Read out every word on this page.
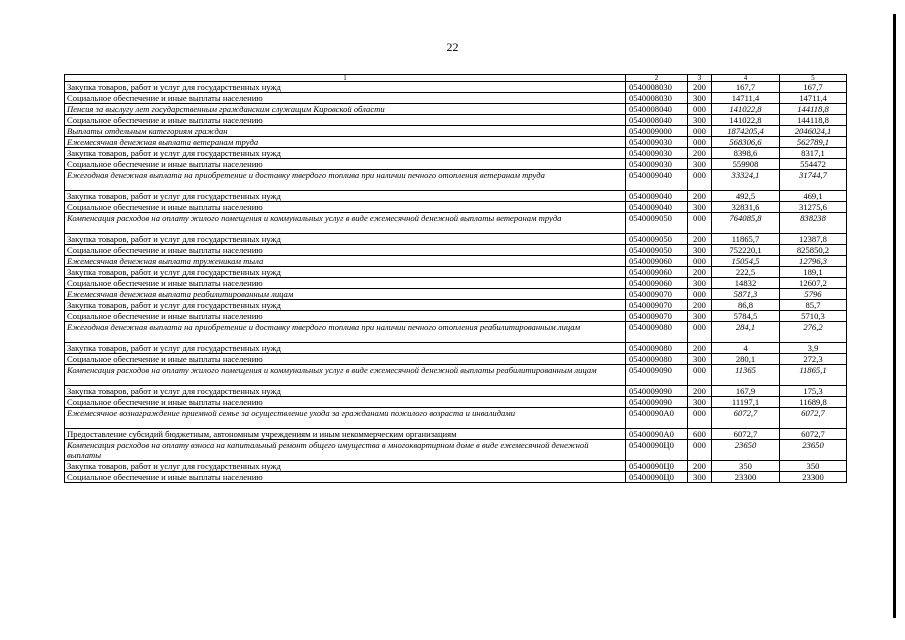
22
1	2	3	4	5
Закупка товаров, работ и услуг для государственных нужд	0540008030	200	167,7	167,7
Социальное обеспечение и иные выплаты населению	0540008030	300	14711,4	14711,4
Пенсия за выслугу лет государственным гражданским служащим Кировской области	0540008040	000	141022,8	144118,8
Социальное обеспечение и иные выплаты населению	0540008040	300	141022,8	144118,8
Выплаты отдельным категориям граждан	0540009000	000	1874205,4	2046024,1
Ежемесячная денежная выплата ветеранам труда	0540009030	000	568306,6	562789,1
Закупка товаров, работ и услуг для государственных нужд	0540009030	200	8398,6	8317,1
Социальное обеспечение и иные выплаты населению	0540009030	300	559908	554472
Ежегодная денежная выплата на приобретение и доставку твердого топлива при наличии печного отопления ветеранам труда	0540009040	000	33324,1	31744,7
Закупка товаров, работ и услуг для государственных нужд	0540009040	200	492,5	469,1
Социальное обеспечение и иные выплаты населению	0540009040	300	32831,6	31275,6
Компенсация расходов на оплату жилого помещения и коммунальных услуг в виде ежемесячной денежной выплаты ветеранам труда	0540009050	000	764085,8	838238
Закупка товаров, работ и услуг для государственных нужд	0540009050	200	11865,7	12387,8
Социальное обеспечение и иные выплаты населению	0540009050	300	752220,1	825850,2
Ежемесячная денежная выплата труженикам тыла	0540009060	000	15054,5	12796,3
Закупка товаров, работ и услуг для государственных нужд	0540009060	200	222,5	189,1
Социальное обеспечение и иные выплаты населению	0540009060	300	14832	12607,2
Ежемесячная денежная выплата реабилитированным лицам	0540009070	000	5871,3	5796
Закупка товаров, работ и услуг для государственных нужд	0540009070	200	86,8	85,7
Социальное обеспечение и иные выплаты населению	0540009070	300	5784,5	5710,3
Ежегодная денежная выплата на приобретение и доставку твердого топлива при наличии печного отопления реабилитированным лицам	0540009080	000	284,1	276,2
Закупка товаров, работ и услуг для государственных нужд	0540009080	200	4	3,9
Социальное обеспечение и иные выплаты населению	0540009080	300	280,1	272,3
Компенсация расходов на оплату жилого помещения и коммунальных услуг в виде ежемесячной денежной выплаты реабилитированным лицам	0540009090	000	11365	11865,1
Закупка товаров, работ и услуг для государственных нужд	0540009090	200	167,9	175,3
Социальное обеспечение и иные выплаты населению	0540009090	300	11197,1	11689,8
Ежемесячное вознаграждение приемной семье за осуществление ухода за гражданами пожилого возраста и инвалидами	05400090А0	000	6072,7	6072,7
Предоставление субсидий бюджетным, автономным учреждениям и иным некоммерческим организациям	05400090А0	600	6072,7	6072,7
Компенсация расходов на оплату взноса на капитальный ремонт общего имущества в многоквартирном доме в виде ежемесячной денежной выплаты	05400090Ц0	000	23650	23650
Закупка товаров, работ и услуг для государственных нужд	05400090Ц0	200	350	350
Социальное обеспечение и иные выплаты населению	05400090Ц0	300	23300	23300
